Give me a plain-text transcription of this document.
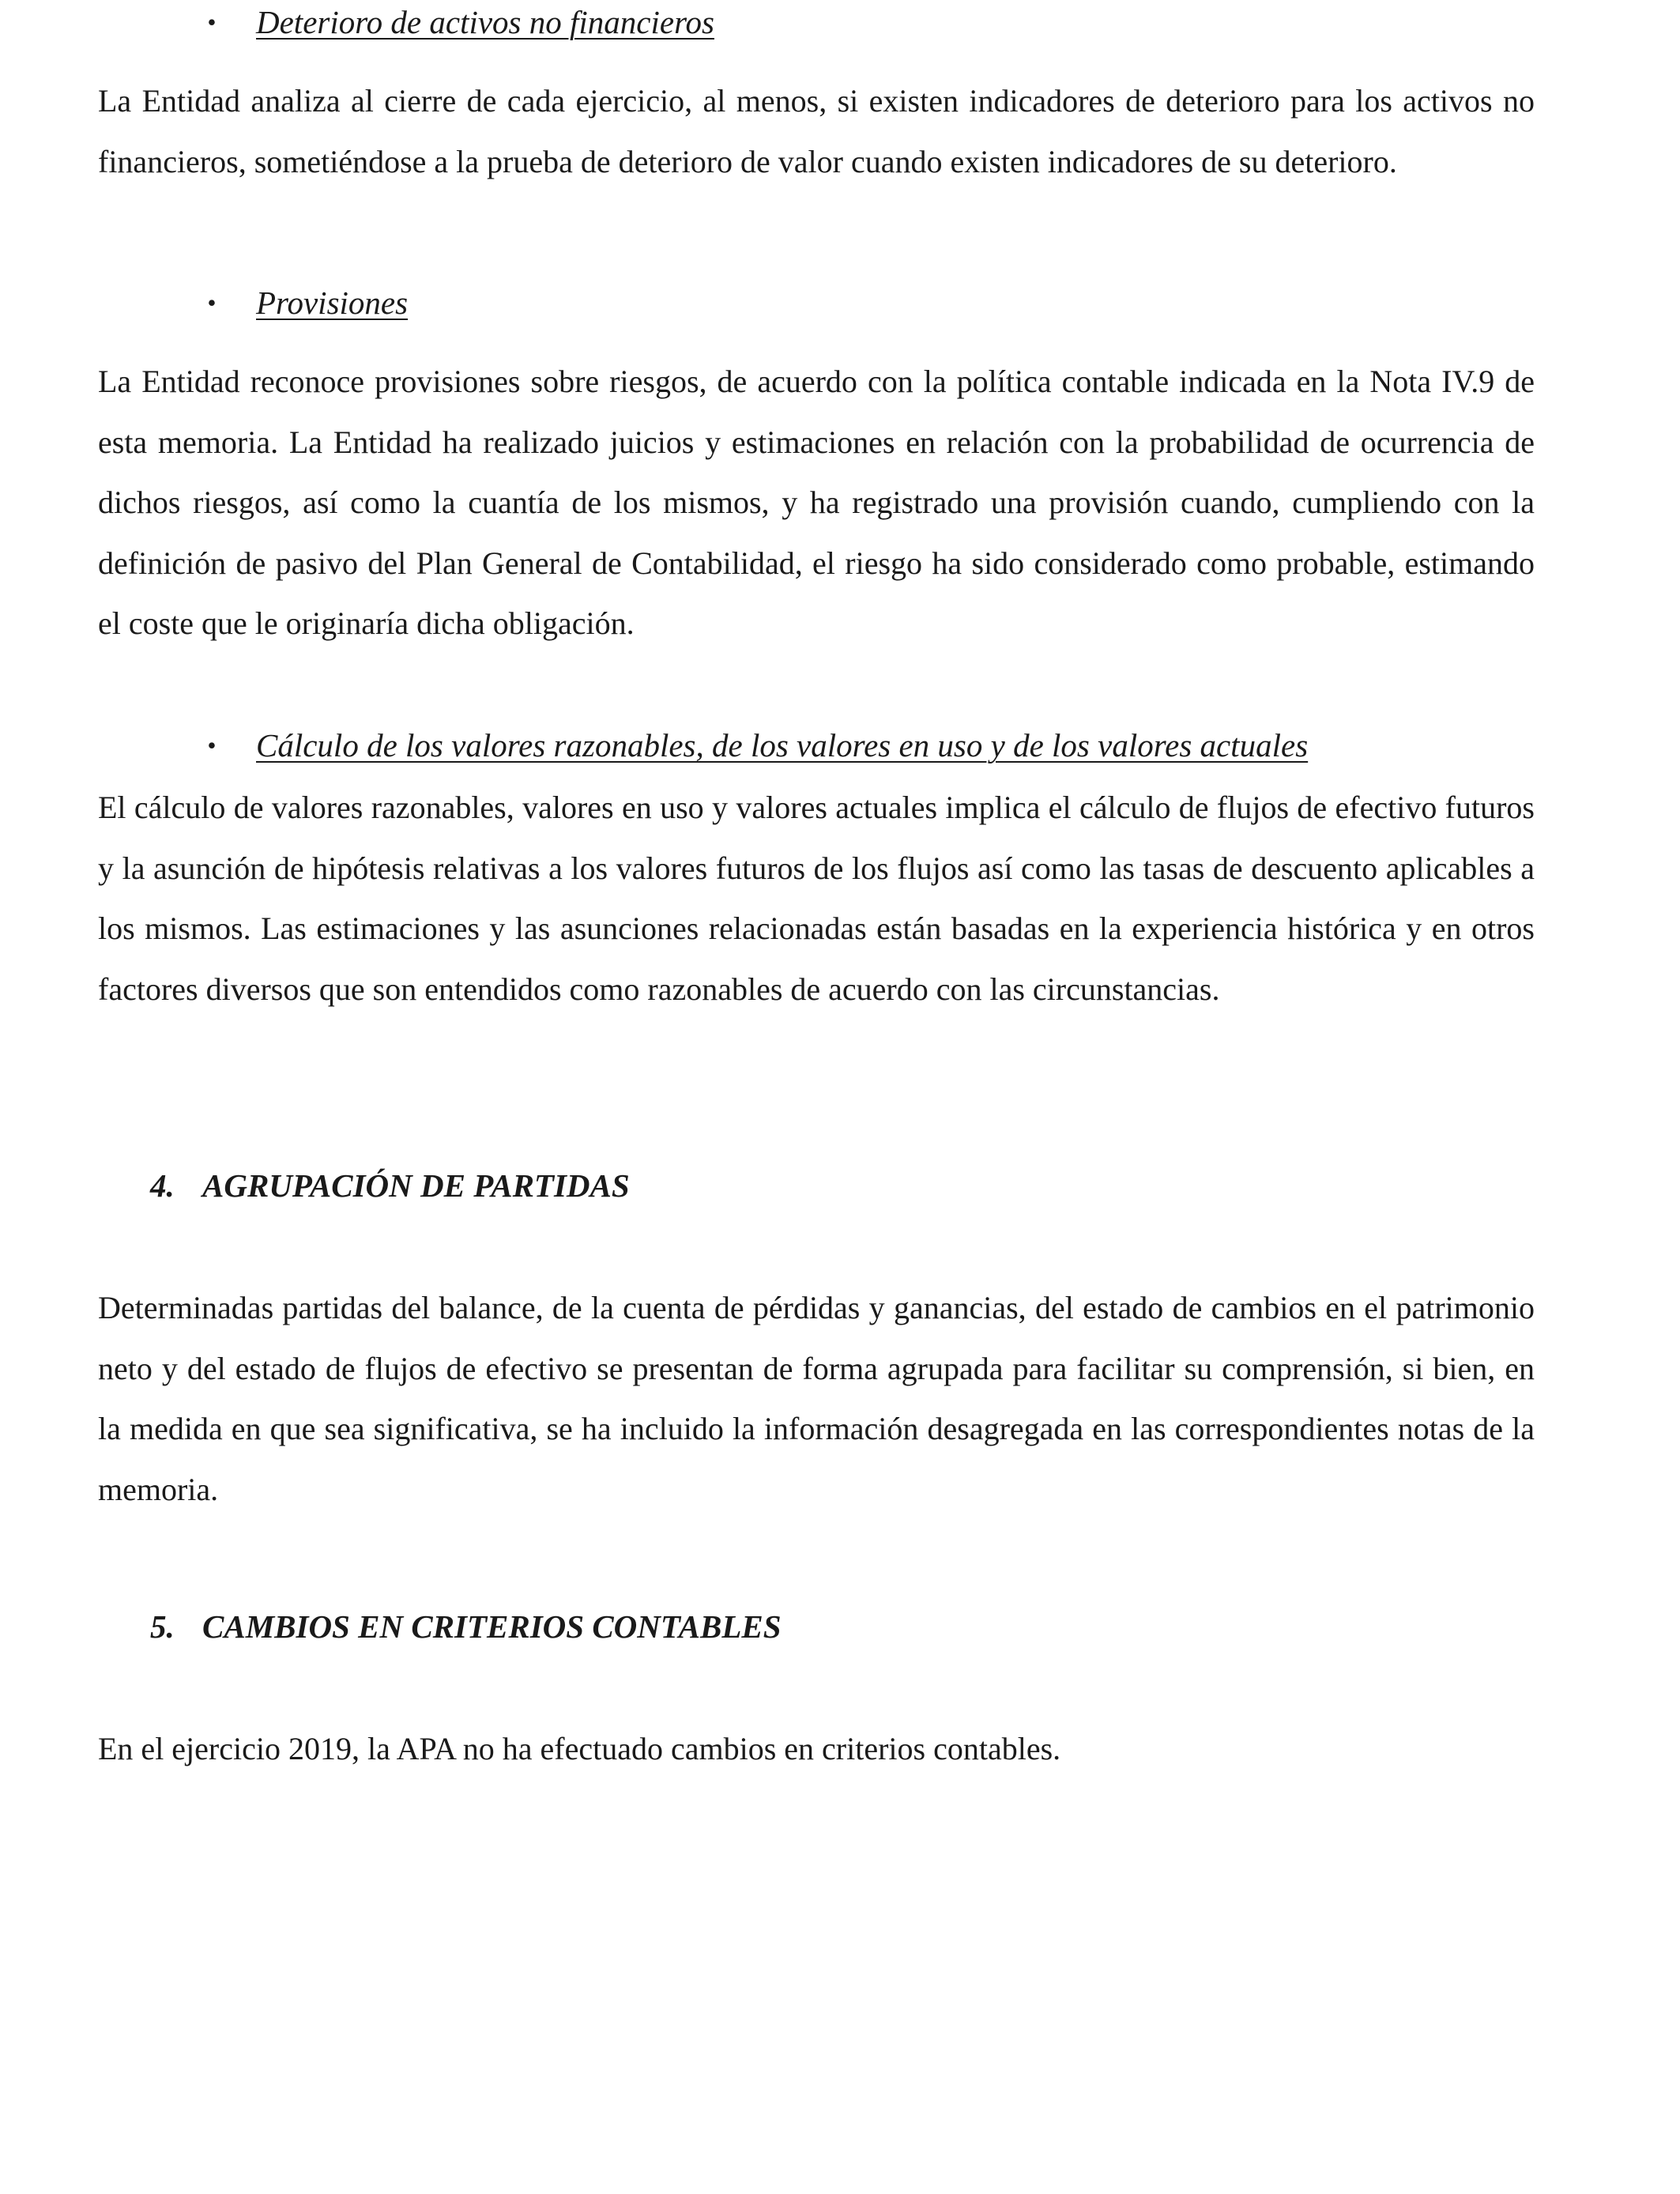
• Deterioro de activos no financieros

La Entidad analiza al cierre de cada ejercicio, al menos, si existen indicadores de deterioro para los activos no financieros, sometiéndose a la prueba de deterioro de valor cuando existen indicadores de su deterioro.

• Provisiones

La Entidad reconoce provisiones sobre riesgos, de acuerdo con la política contable indicada en la Nota IV.9 de esta memoria. La Entidad ha realizado juicios y estimaciones en relación con la probabilidad de ocurrencia de dichos riesgos, así como la cuantía de los mismos, y ha registrado una provisión cuando, cumpliendo con la definición de pasivo del Plan General de Contabilidad, el riesgo ha sido considerado como probable, estimando el coste que le originaría dicha obligación.

• Cálculo de los valores razonables, de los valores en uso y de los valores actuales

El cálculo de valores razonables, valores en uso y valores actuales implica el cálculo de flujos de efectivo futuros y la asunción de hipótesis relativas a los valores futuros de los flujos así como las tasas de descuento aplicables a los mismos. Las estimaciones y las asunciones relacionadas están basadas en la experiencia histórica y en otros factores diversos que son entendidos como razonables de acuerdo con las circunstancias.

4. AGRUPACIÓN DE PARTIDAS

Determinadas partidas del balance, de la cuenta de pérdidas y ganancias, del estado de cambios en el patrimonio neto y del estado de flujos de efectivo se presentan de forma agrupada para facilitar su comprensión, si bien, en la medida en que sea significativa, se ha incluido la información desagregada en las correspondientes notas de la memoria.

5. CAMBIOS EN CRITERIOS CONTABLES

En el ejercicio 2019, la APA no ha efectuado cambios en criterios contables.
